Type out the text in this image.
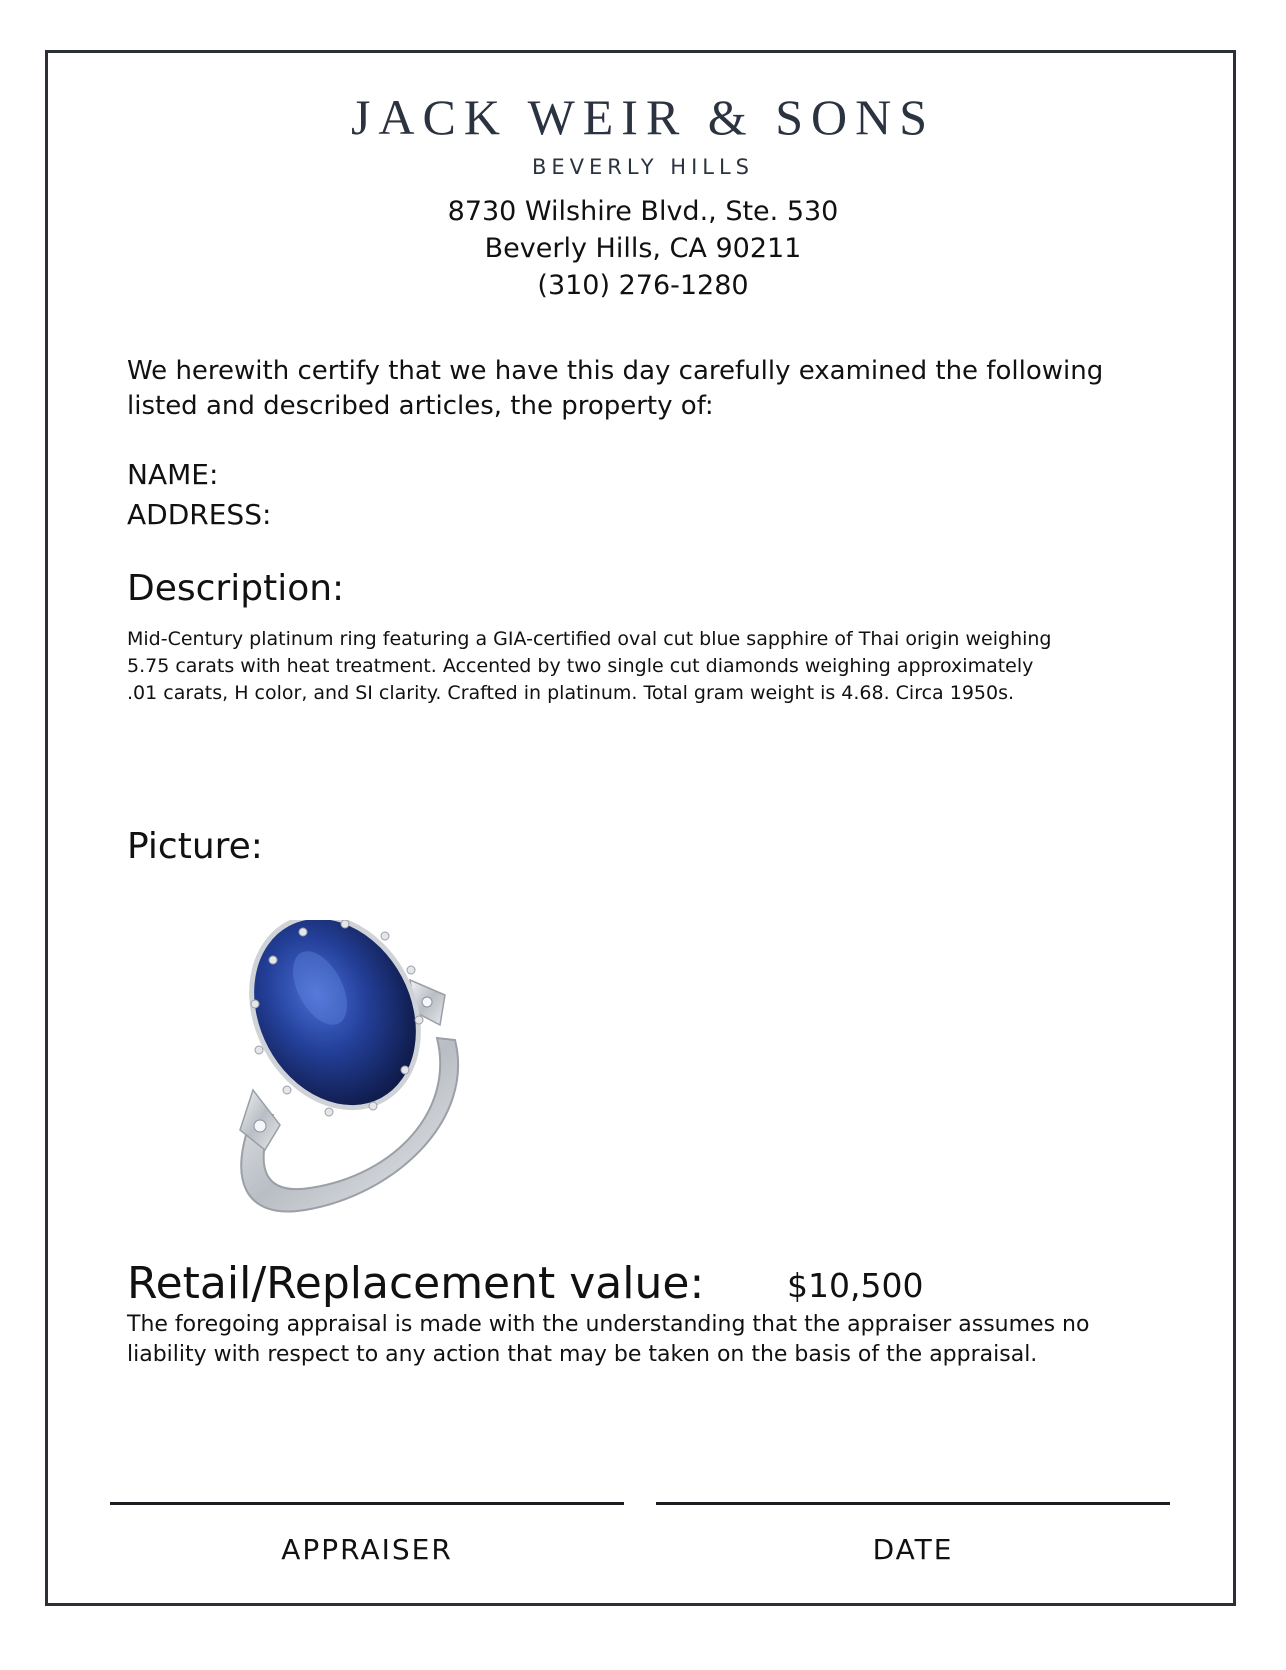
JACK WEIR & SONS
BEVERLY HILLS
8730 Wilshire Blvd., Ste. 530
Beverly Hills, CA 90211
(310) 276-1280
We herewith certify that we have this day carefully examined the following
listed and described articles, the property of:
NAME:
ADDRESS:
Description:
Mid-Century platinum ring featuring a GIA-certified oval cut blue sapphire of Thai origin weighing
5.75 carats with heat treatment. Accented by two single cut diamonds weighing approximately
.01 carats, H color, and SI clarity. Crafted in platinum. Total gram weight is 4.68. Circa 1950s.
Picture:
Retail/Replacement value:	$10,500
The foregoing appraisal is made with the understanding that the appraiser assumes no
liability with respect to any action that may be taken on the basis of the appraisal.
APPRAISER	DATE
